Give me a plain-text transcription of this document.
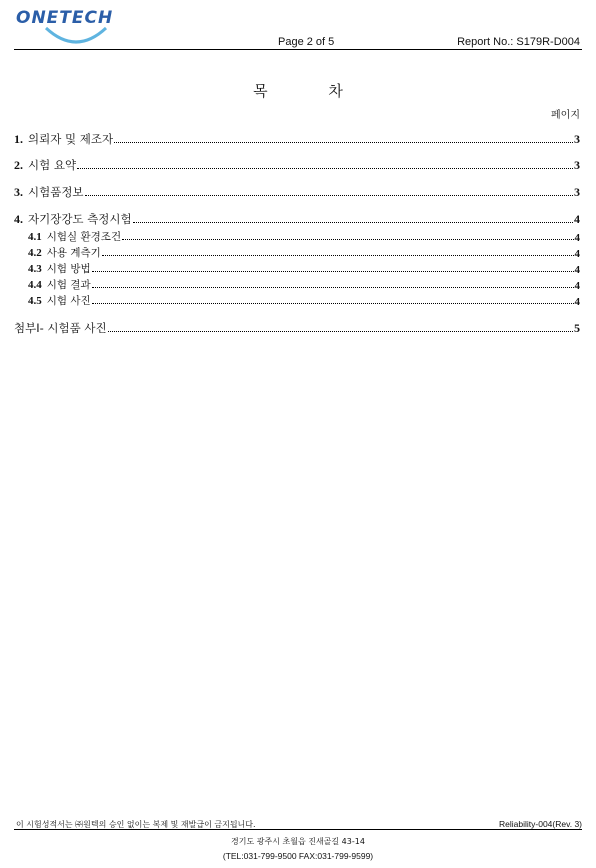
ONETECH
Page 2 of 5	Report No.: S179R-D004
목 차
페이지
1. 의뢰자 및 제조자	3
2. 시험 요약	3
3. 시험품정보	3
4. 자기장강도 측정시험	4
4.1 시험실 환경조건	4
4.2 사용 계측기	4
4.3 시험 방법	4
4.4 시험 결과	4
4.5 시험 사진	4
첨부Ⅰ- 시험품 사진	5
이 시험성적서는 ㈜원텍의 승인 없이는 복제 및 재발급이 금지됩니다.	Reliability-004(Rev. 3)
경기도 광주시 초월읍 진새골길 43-14
(TEL:031-799-9500 FAX:031-799-9599)
